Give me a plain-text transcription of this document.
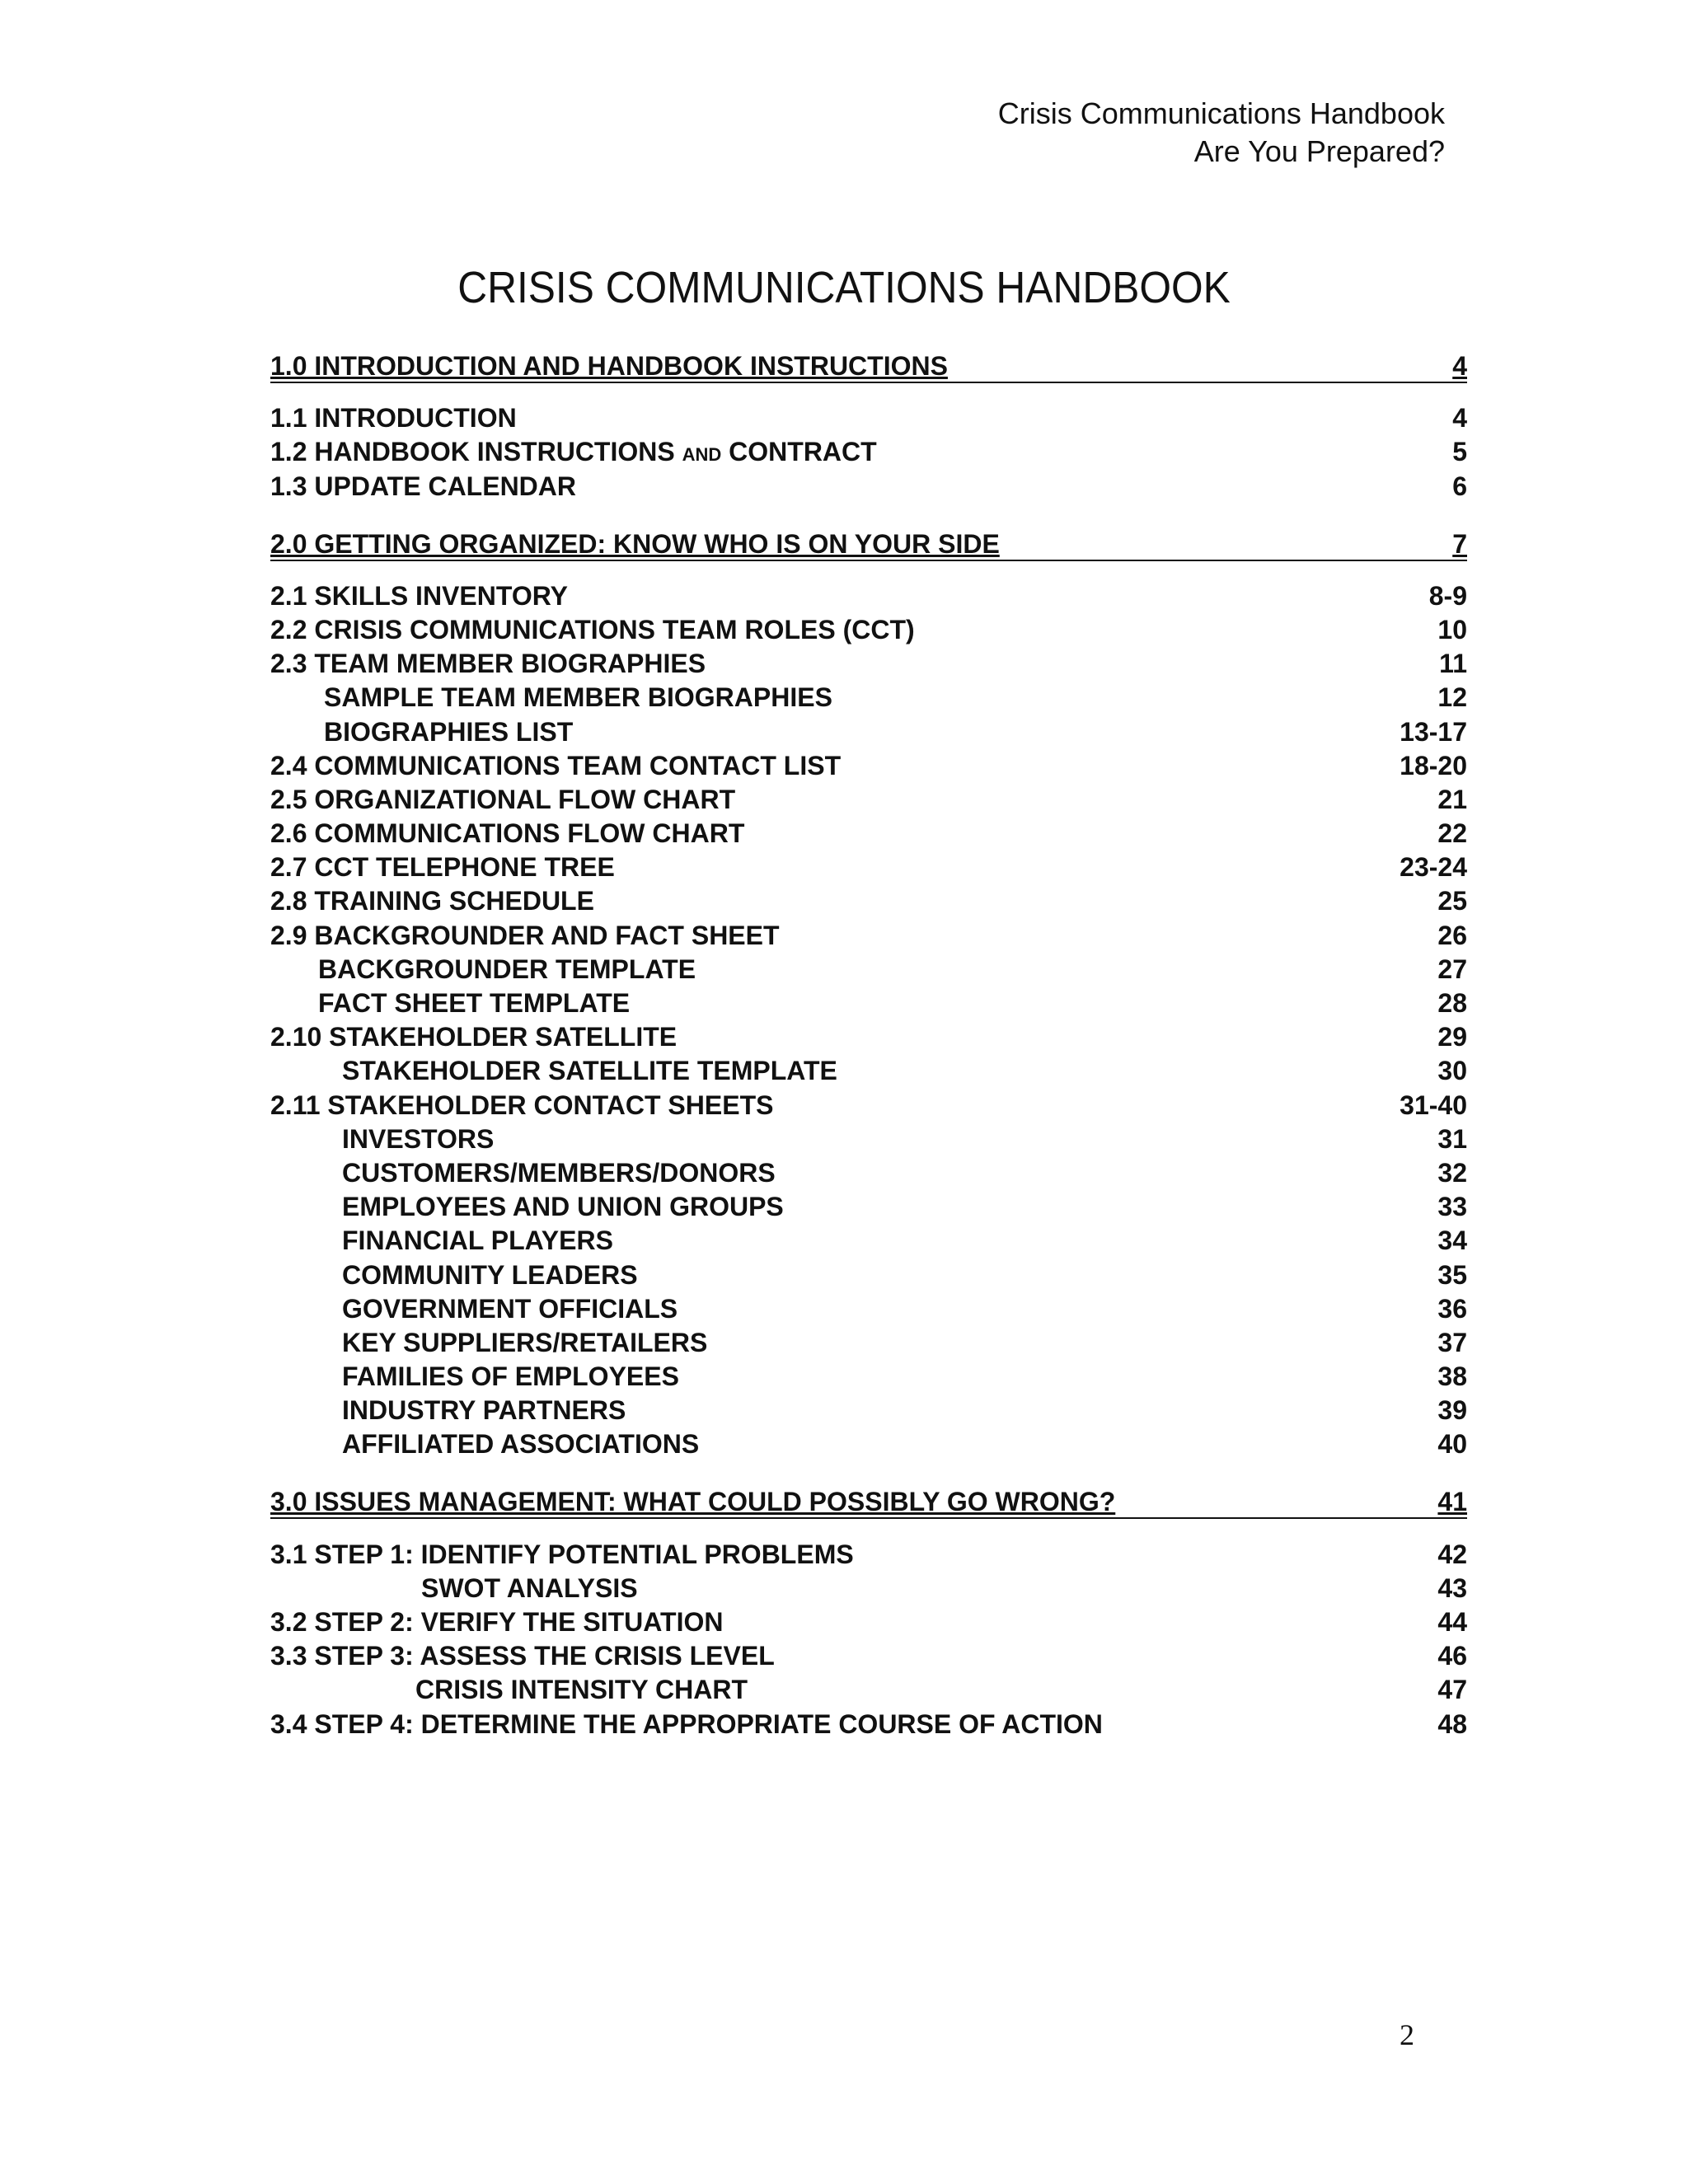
Crisis Communications Handbook
Are You Prepared?
CRISIS COMMUNICATIONS HANDBOOK
1.0 INTRODUCTION AND HANDBOOK INSTRUCTIONS	4
1.1 INTRODUCTION	4
1.2 HANDBOOK INSTRUCTIONS AND CONTRACT	5
1.3 UPDATE CALENDAR	6
2.0 GETTING ORGANIZED: KNOW WHO IS ON YOUR SIDE	7
2.1 SKILLS INVENTORY	8-9
2.2 CRISIS COMMUNICATIONS TEAM ROLES (CCT)	10
2.3 TEAM MEMBER BIOGRAPHIES	11
SAMPLE TEAM MEMBER BIOGRAPHIES	12
BIOGRAPHIES LIST	13-17
2.4 COMMUNICATIONS TEAM CONTACT LIST	18-20
2.5 ORGANIZATIONAL FLOW CHART	21
2.6 COMMUNICATIONS FLOW CHART	22
2.7 CCT TELEPHONE TREE	23-24
2.8 TRAINING SCHEDULE	25
2.9 BACKGROUNDER AND FACT SHEET	26
BACKGROUNDER TEMPLATE	27
FACT SHEET TEMPLATE	28
2.10 STAKEHOLDER SATELLITE	29
STAKEHOLDER SATELLITE TEMPLATE	30
2.11 STAKEHOLDER CONTACT SHEETS	31-40
INVESTORS	31
CUSTOMERS/MEMBERS/DONORS	32
EMPLOYEES AND UNION GROUPS	33
FINANCIAL PLAYERS	34
COMMUNITY LEADERS	35
GOVERNMENT OFFICIALS	36
KEY SUPPLIERS/RETAILERS	37
FAMILIES OF EMPLOYEES	38
INDUSTRY PARTNERS	39
AFFILIATED ASSOCIATIONS	40
3.0 ISSUES MANAGEMENT: WHAT COULD POSSIBLY GO WRONG?	41
3.1 STEP 1: IDENTIFY POTENTIAL PROBLEMS	42
SWOT ANALYSIS	43
3.2 STEP 2: VERIFY THE SITUATION	44
3.3 STEP 3: ASSESS THE CRISIS LEVEL	46
CRISIS INTENSITY CHART	47
3.4 STEP 4: DETERMINE THE APPROPRIATE COURSE OF ACTION	48
2
